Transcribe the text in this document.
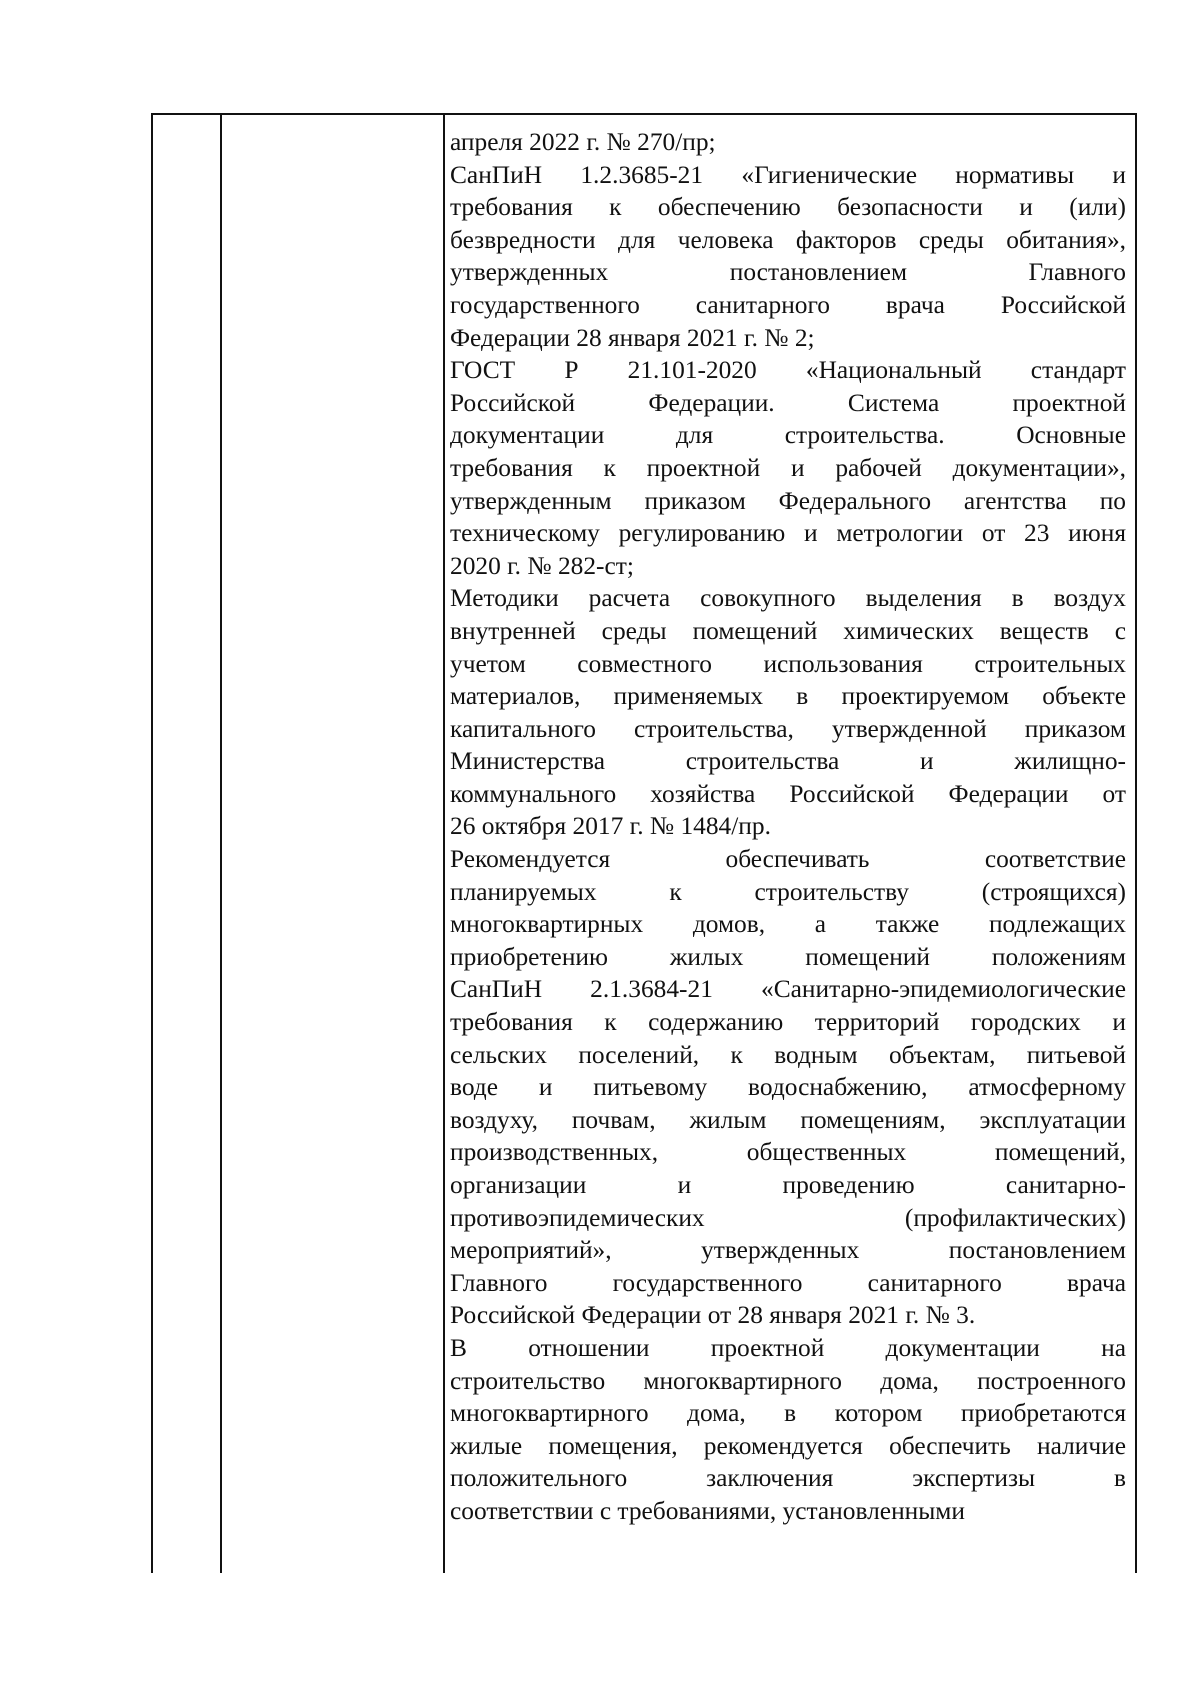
апреля 2022 г. № 270/пр;
СанПиН 1.2.3685-21 «Гигиенические нормативы и
требования к обеспечению безопасности и (или)
безвредности для человека факторов среды обитания»,
утвержденных постановлением Главного
государственного санитарного врача Российской
Федерации 28 января 2021 г. № 2;
ГОСТ Р 21.101-2020 «Национальный стандарт
Российской Федерации. Система проектной
документации для строительства. Основные
требования к проектной и рабочей документации»,
утвержденным приказом Федерального агентства по
техническому регулированию и метрологии от 23 июня
2020 г. № 282-ст;
Методики расчета совокупного выделения в воздух
внутренней среды помещений химических веществ с
учетом совместного использования строительных
материалов, применяемых в проектируемом объекте
капитального строительства, утвержденной приказом
Министерства строительства и жилищно-
коммунального хозяйства Российской Федерации от
26 октября 2017 г. № 1484/пр.
Рекомендуется обеспечивать соответствие
планируемых к строительству (строящихся)
многоквартирных домов, а также подлежащих
приобретению жилых помещений положениям
СанПиН 2.1.3684-21 «Санитарно-эпидемиологические
требования к содержанию территорий городских и
сельских поселений, к водным объектам, питьевой
воде и питьевому водоснабжению, атмосферному
воздуху, почвам, жилым помещениям, эксплуатации
производственных, общественных помещений,
организации и проведению санитарно-
противоэпидемических (профилактических)
мероприятий», утвержденных постановлением
Главного государственного санитарного врача
Российской Федерации от 28 января 2021 г. № 3.
В отношении проектной документации на
строительство многоквартирного дома, построенного
многоквартирного дома, в котором приобретаются
жилые помещения, рекомендуется обеспечить наличие
положительного заключения экспертизы в
соответствии с требованиями, установленными
